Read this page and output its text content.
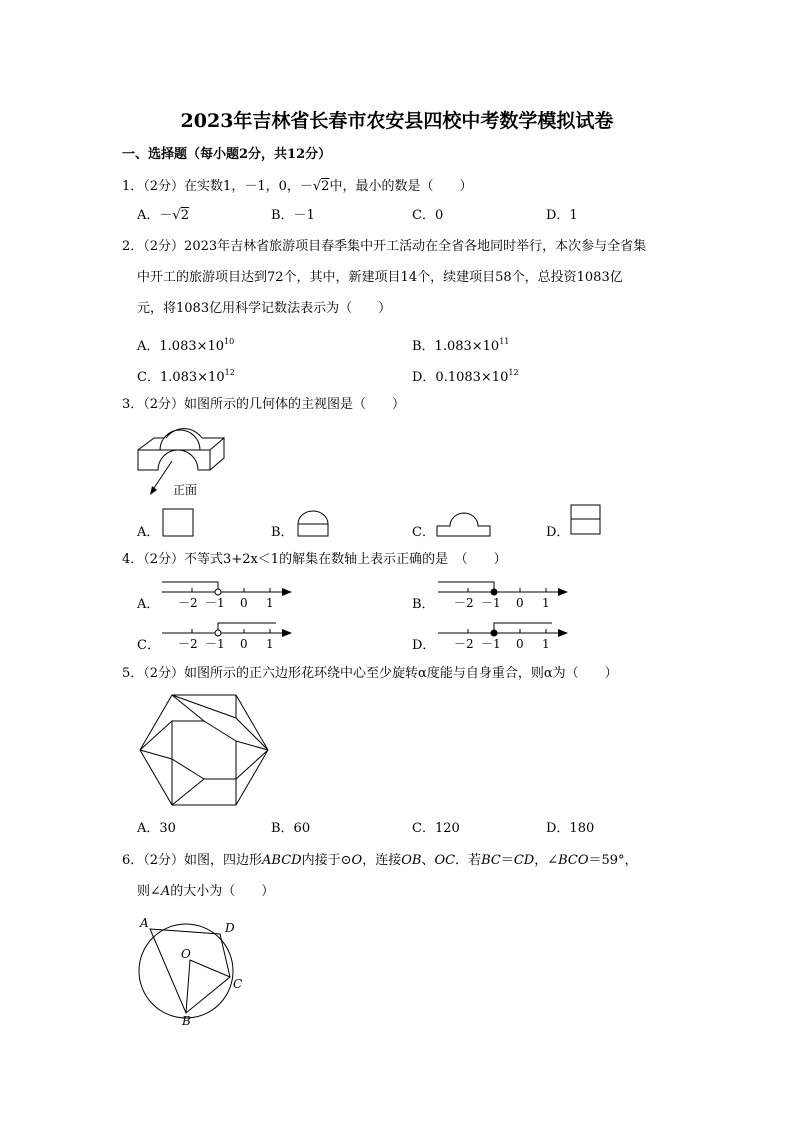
2023年吉林省长春市农安县四校中考数学模拟试卷
一、选择题（每小题2分，共12分）
1．（2分）在实数1，－1，0，－√2中，最小的数是（　　）
A．－√2	B．－1	C．0	D．1
2．（2分）2023年吉林省旅游项目春季集中开工活动在全省各地同时举行，本次参与全省集
中开工的旅游项目达到72个，其中，新建项目14个，续建项目58个，总投资1083亿
元，将1083亿用科学记数法表示为（　　）
A．$1.083\times 10^{10}$	B．$1.083\times 10^{11}$
C．$1.083\times 10^{12}$	D．$0.1083\times 10^{12}$
3．（2分）如图所示的几何体的主视图是（　　）
正面
A．	B．	C．	D．
4．（2分）不等式3+2x＜1的解集在数轴上表示正确的是　（　　）
A． －2 －1 0 1	B． －2 －1 0 1
C． －2 －1 0 1	D． －2 －1 0 1
5．（2分）如图所示的正六边形花环绕中心至少旋转α度能与自身重合，则α为（　　）
A．30	B．60	C．120	D．180
6．（2分）如图，四边形ABCD内接于⊙O，连接OB、OC．若BC＝CD，∠BCO＝59°，
则∠A的大小为（　　）
A	D
O
C
B
